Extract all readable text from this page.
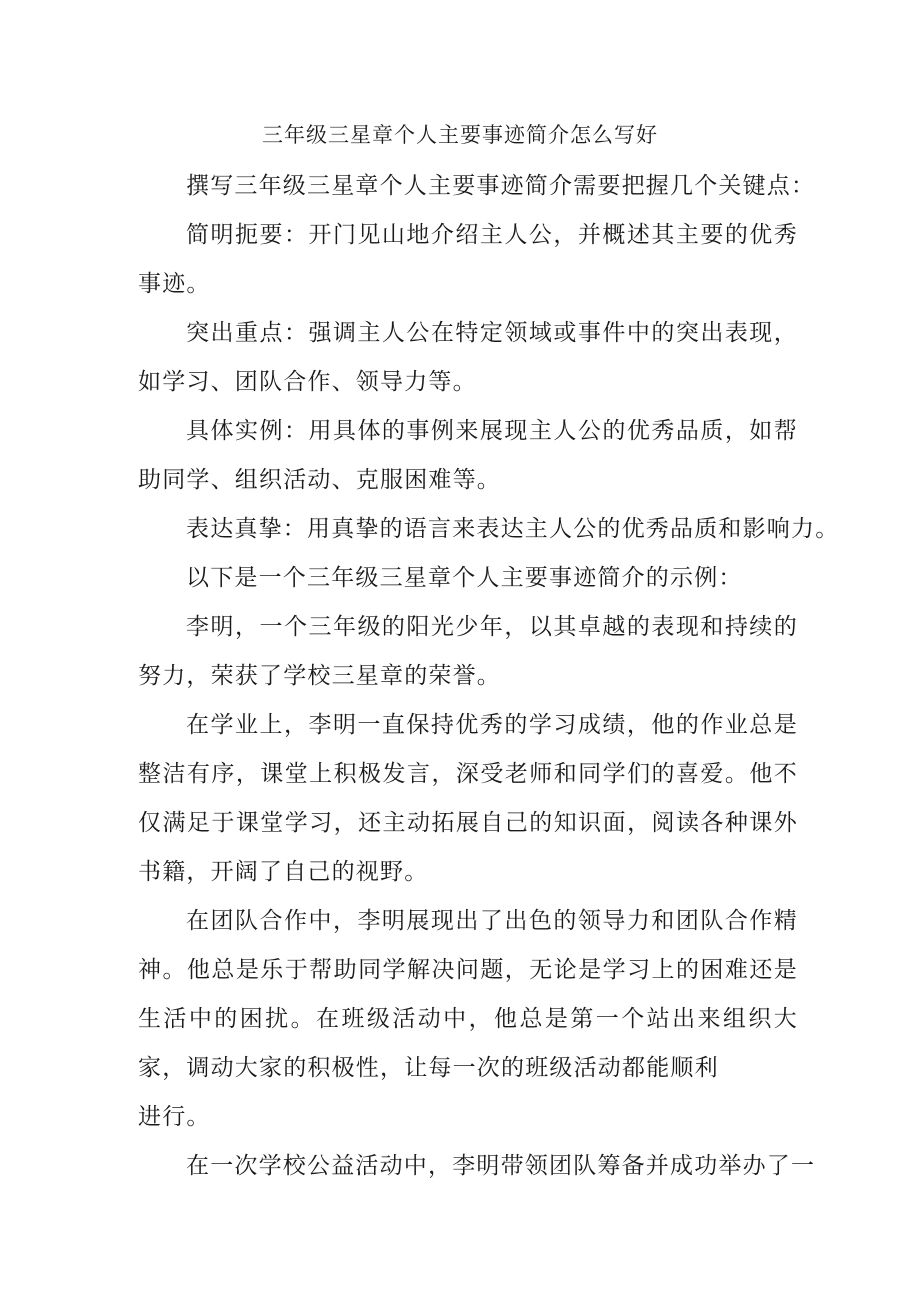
三年级三星章个人主要事迹简介怎么写好

撰写三年级三星章个人主要事迹简介需要把握几个关键点：

简明扼要：开门见山地介绍主人公，并概述其主要的优秀事迹。

突出重点：强调主人公在特定领域或事件中的突出表现，如学习、团队合作、领导力等。

具体实例：用具体的事例来展现主人公的优秀品质，如帮助同学、组织活动、克服困难等。

表达真挚：用真挚的语言来表达主人公的优秀品质和影响力。

以下是一个三年级三星章个人主要事迹简介的示例：

李明，一个三年级的阳光少年，以其卓越的表现和持续的努力，荣获了学校三星章的荣誉。

在学业上，李明一直保持优秀的学习成绩，他的作业总是整洁有序，课堂上积极发言，深受老师和同学们的喜爱。他不仅满足于课堂学习，还主动拓展自己的知识面，阅读各种课外书籍，开阔了自己的视野。

在团队合作中，李明展现出了出色的领导力和团队合作精神。他总是乐于帮助同学解决问题，无论是学习上的困难还是生活中的困扰。在班级活动中，他总是第一个站出来组织大家，调动大家的积极性，让每一次的班级活动都能顺利

进行。

在一次学校公益活动中，李明带领团队筹备并成功举办了一
